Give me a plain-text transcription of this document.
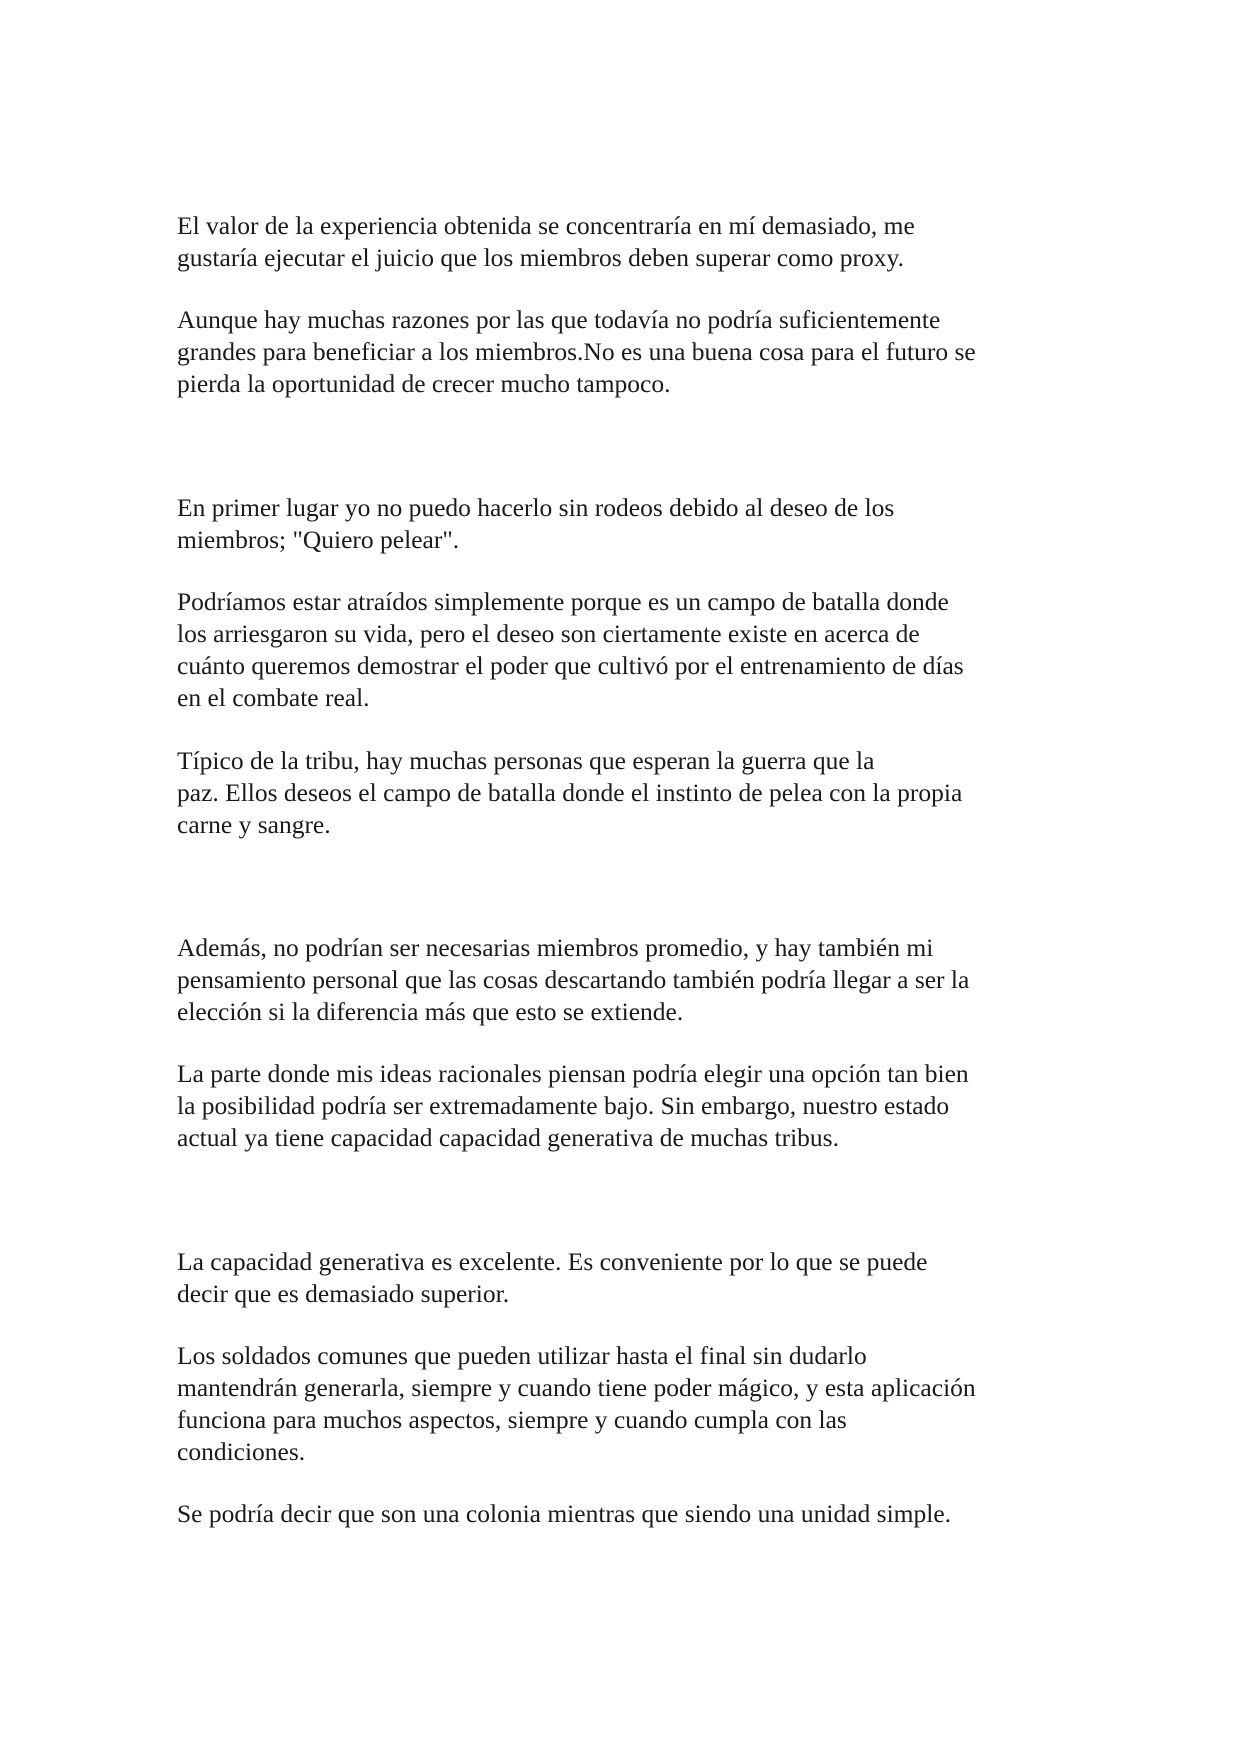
El valor de la experiencia obtenida se concentraría en mí demasiado, me

gustaría ejecutar el juicio que los miembros deben superar como proxy.

Aunque hay muchas razones por las que todavía no podría suficientemente

grandes para beneficiar a los miembros.No es una buena cosa para el futuro se

pierda la oportunidad de crecer mucho tampoco.

En primer lugar yo no puedo hacerlo sin rodeos debido al deseo de los

miembros; "Quiero pelear".

Podríamos estar atraídos simplemente porque es un campo de batalla donde

los arriesgaron su vida, pero el deseo son ciertamente existe en acerca de

cuánto queremos demostrar el poder que cultivó por el entrenamiento de días

en el combate real.

Típico de la tribu, hay muchas personas que esperan la guerra que la

paz. Ellos deseos el campo de batalla donde el instinto de pelea con la propia

carne y sangre.

Además, no podrían ser necesarias miembros promedio, y hay también mi

pensamiento personal que las cosas descartando también podría llegar a ser la

elección si la diferencia más que esto se extiende.

La parte donde mis ideas racionales piensan podría elegir una opción tan bien

la posibilidad podría ser extremadamente bajo. Sin embargo, nuestro estado

actual ya tiene capacidad capacidad generativa de muchas tribus.

La capacidad generativa es excelente. Es conveniente por lo que se puede

decir que es demasiado superior.

Los soldados comunes que pueden utilizar hasta el final sin dudarlo

mantendrán generarla, siempre y cuando tiene poder mágico, y esta aplicación

funciona para muchos aspectos, siempre y cuando cumpla con las

condiciones.

Se podría decir que son una colonia mientras que siendo una unidad simple.
